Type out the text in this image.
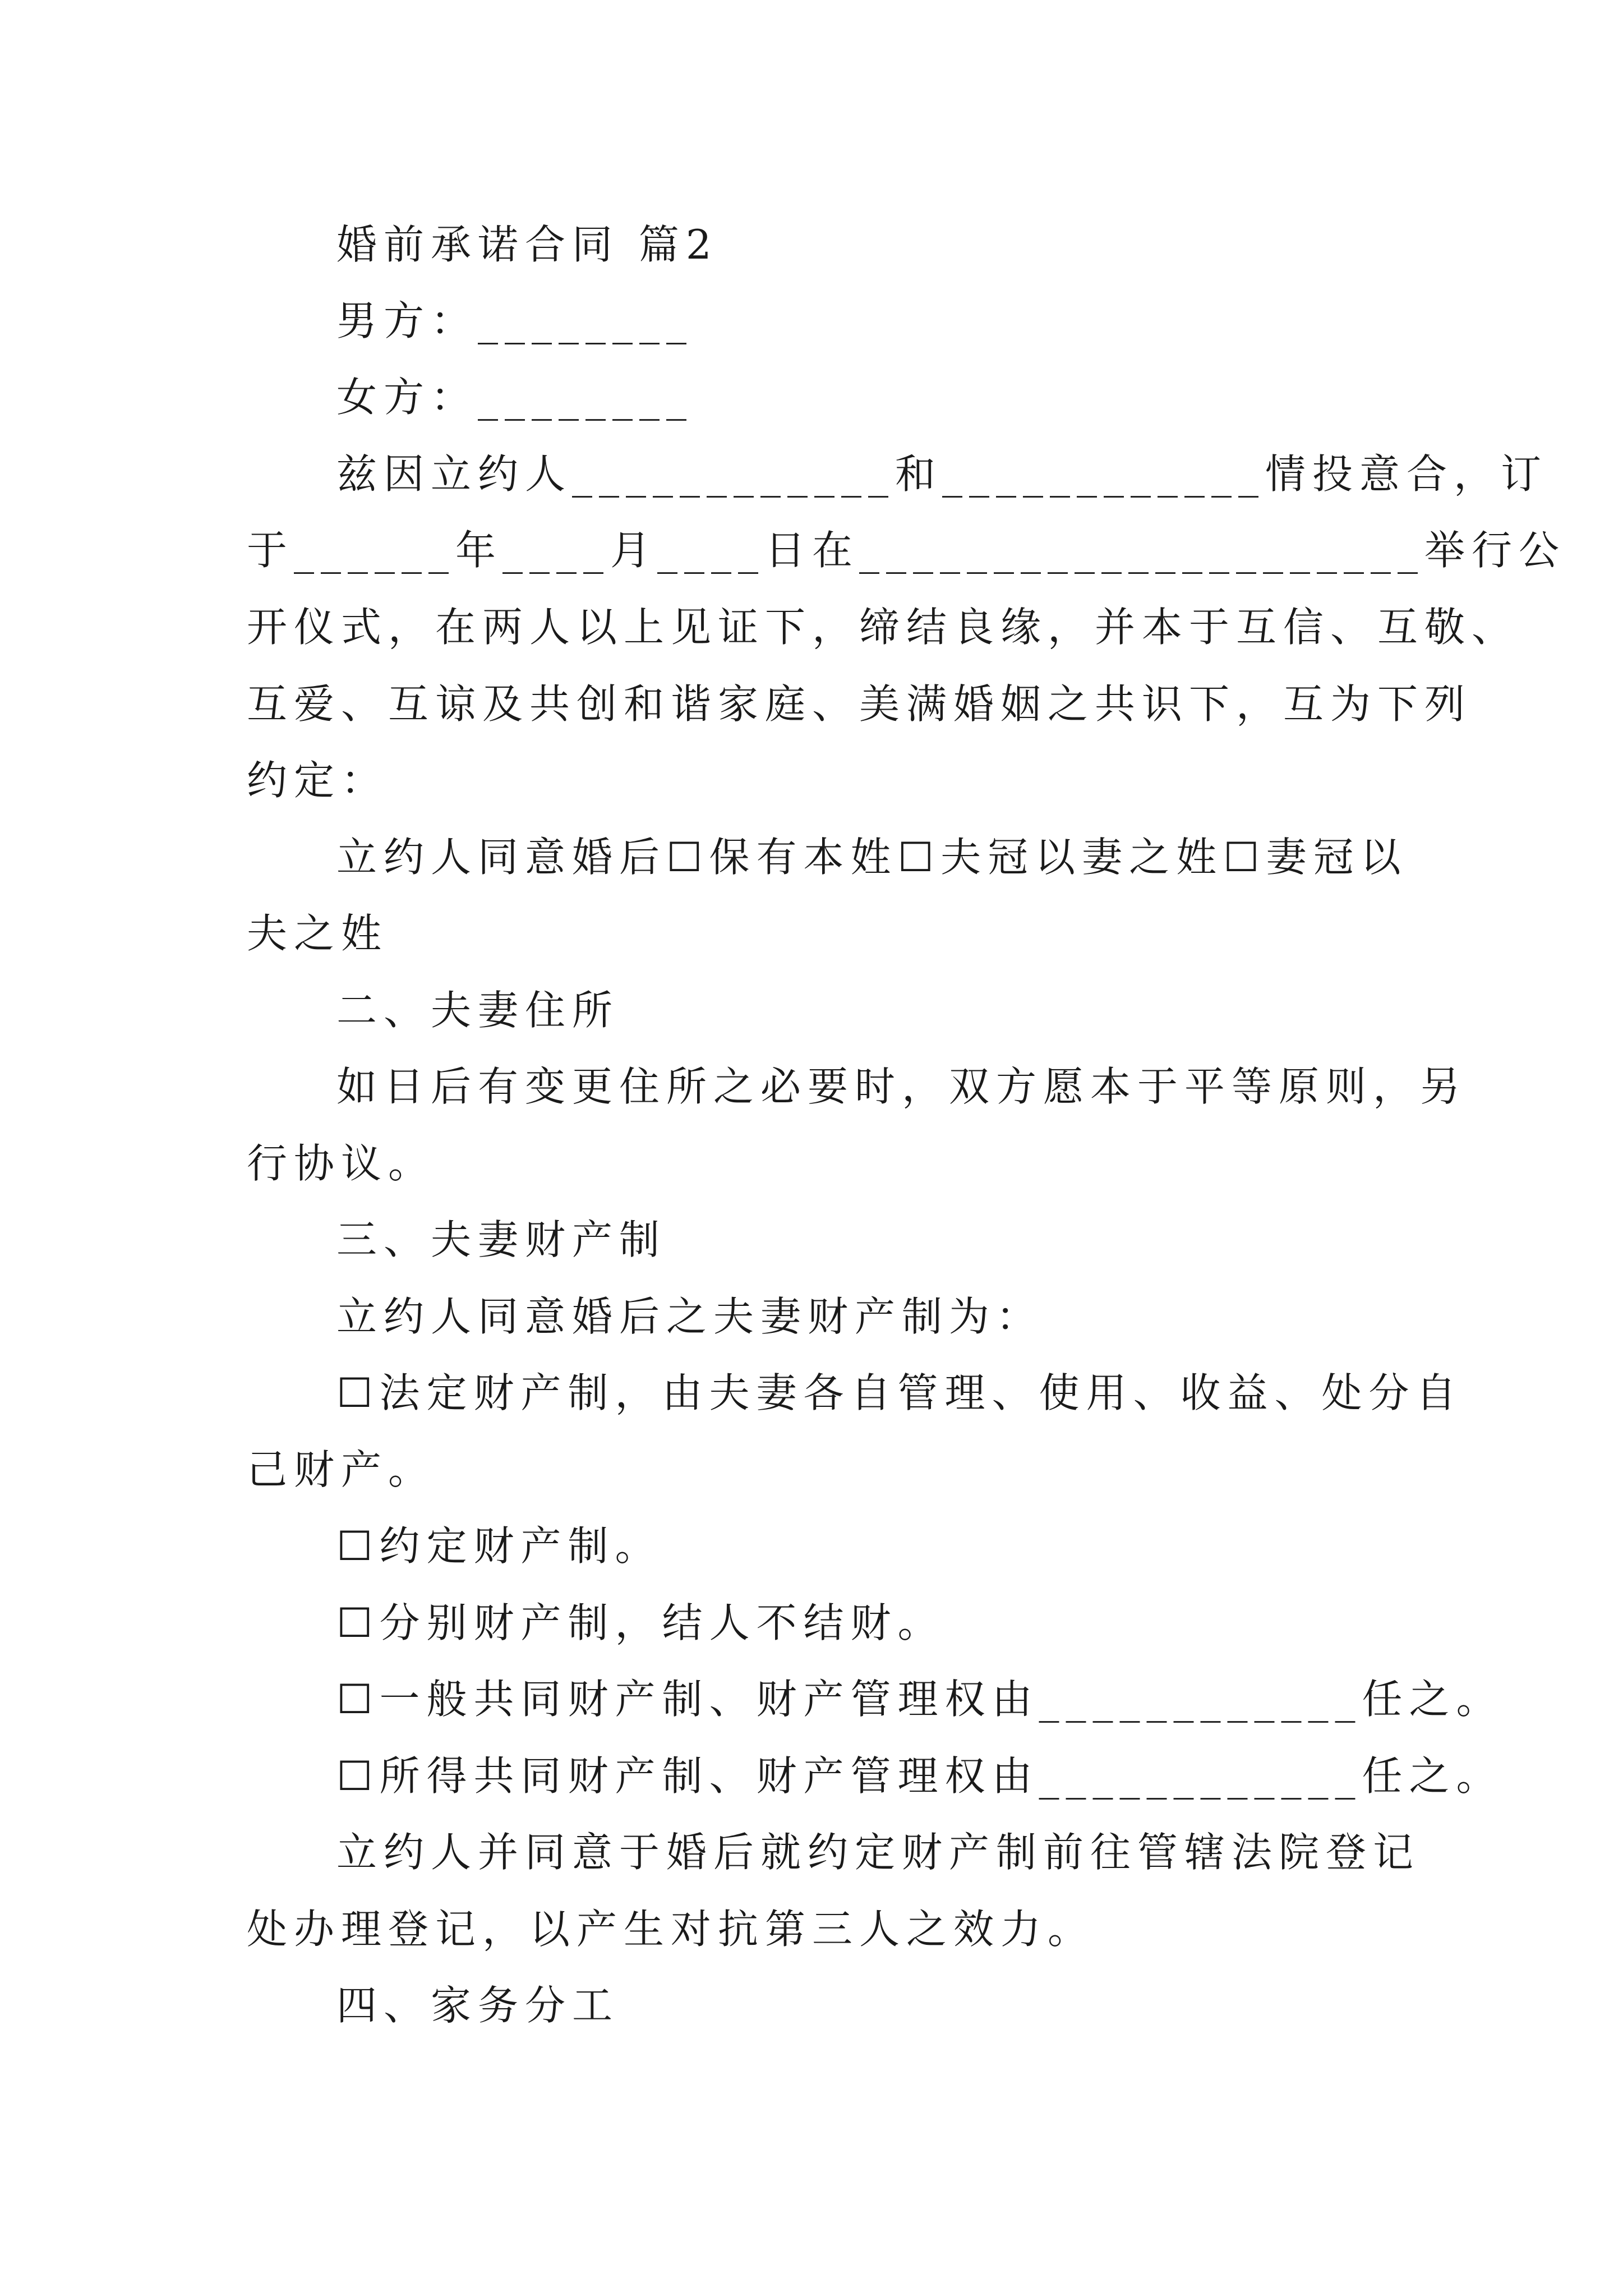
婚前承诺合同 篇2
男方：________
女方：________
兹因立约人____________和____________情投意合，订
于______年____月____日在_____________________举行公
开仪式，在两人以上见证下，缔结良缘，并本于互信、互敬、
互爱、互谅及共创和谐家庭、美满婚姻之共识下，互为下列
约定：
立约人同意婚后☐保有本姓☐夫冠以妻之姓☐妻冠以
夫之姓
二、夫妻住所
如日后有变更住所之必要时，双方愿本于平等原则，另
行协议。
三、夫妻财产制
立约人同意婚后之夫妻财产制为：
☐法定财产制，由夫妻各自管理、使用、收益、处分自
己财产。
☐约定财产制。
☐分别财产制，结人不结财。
☐一般共同财产制、财产管理权由____________任之。
☐所得共同财产制、财产管理权由____________任之。
立约人并同意于婚后就约定财产制前往管辖法院登记
处办理登记，以产生对抗第三人之效力。
四、家务分工
